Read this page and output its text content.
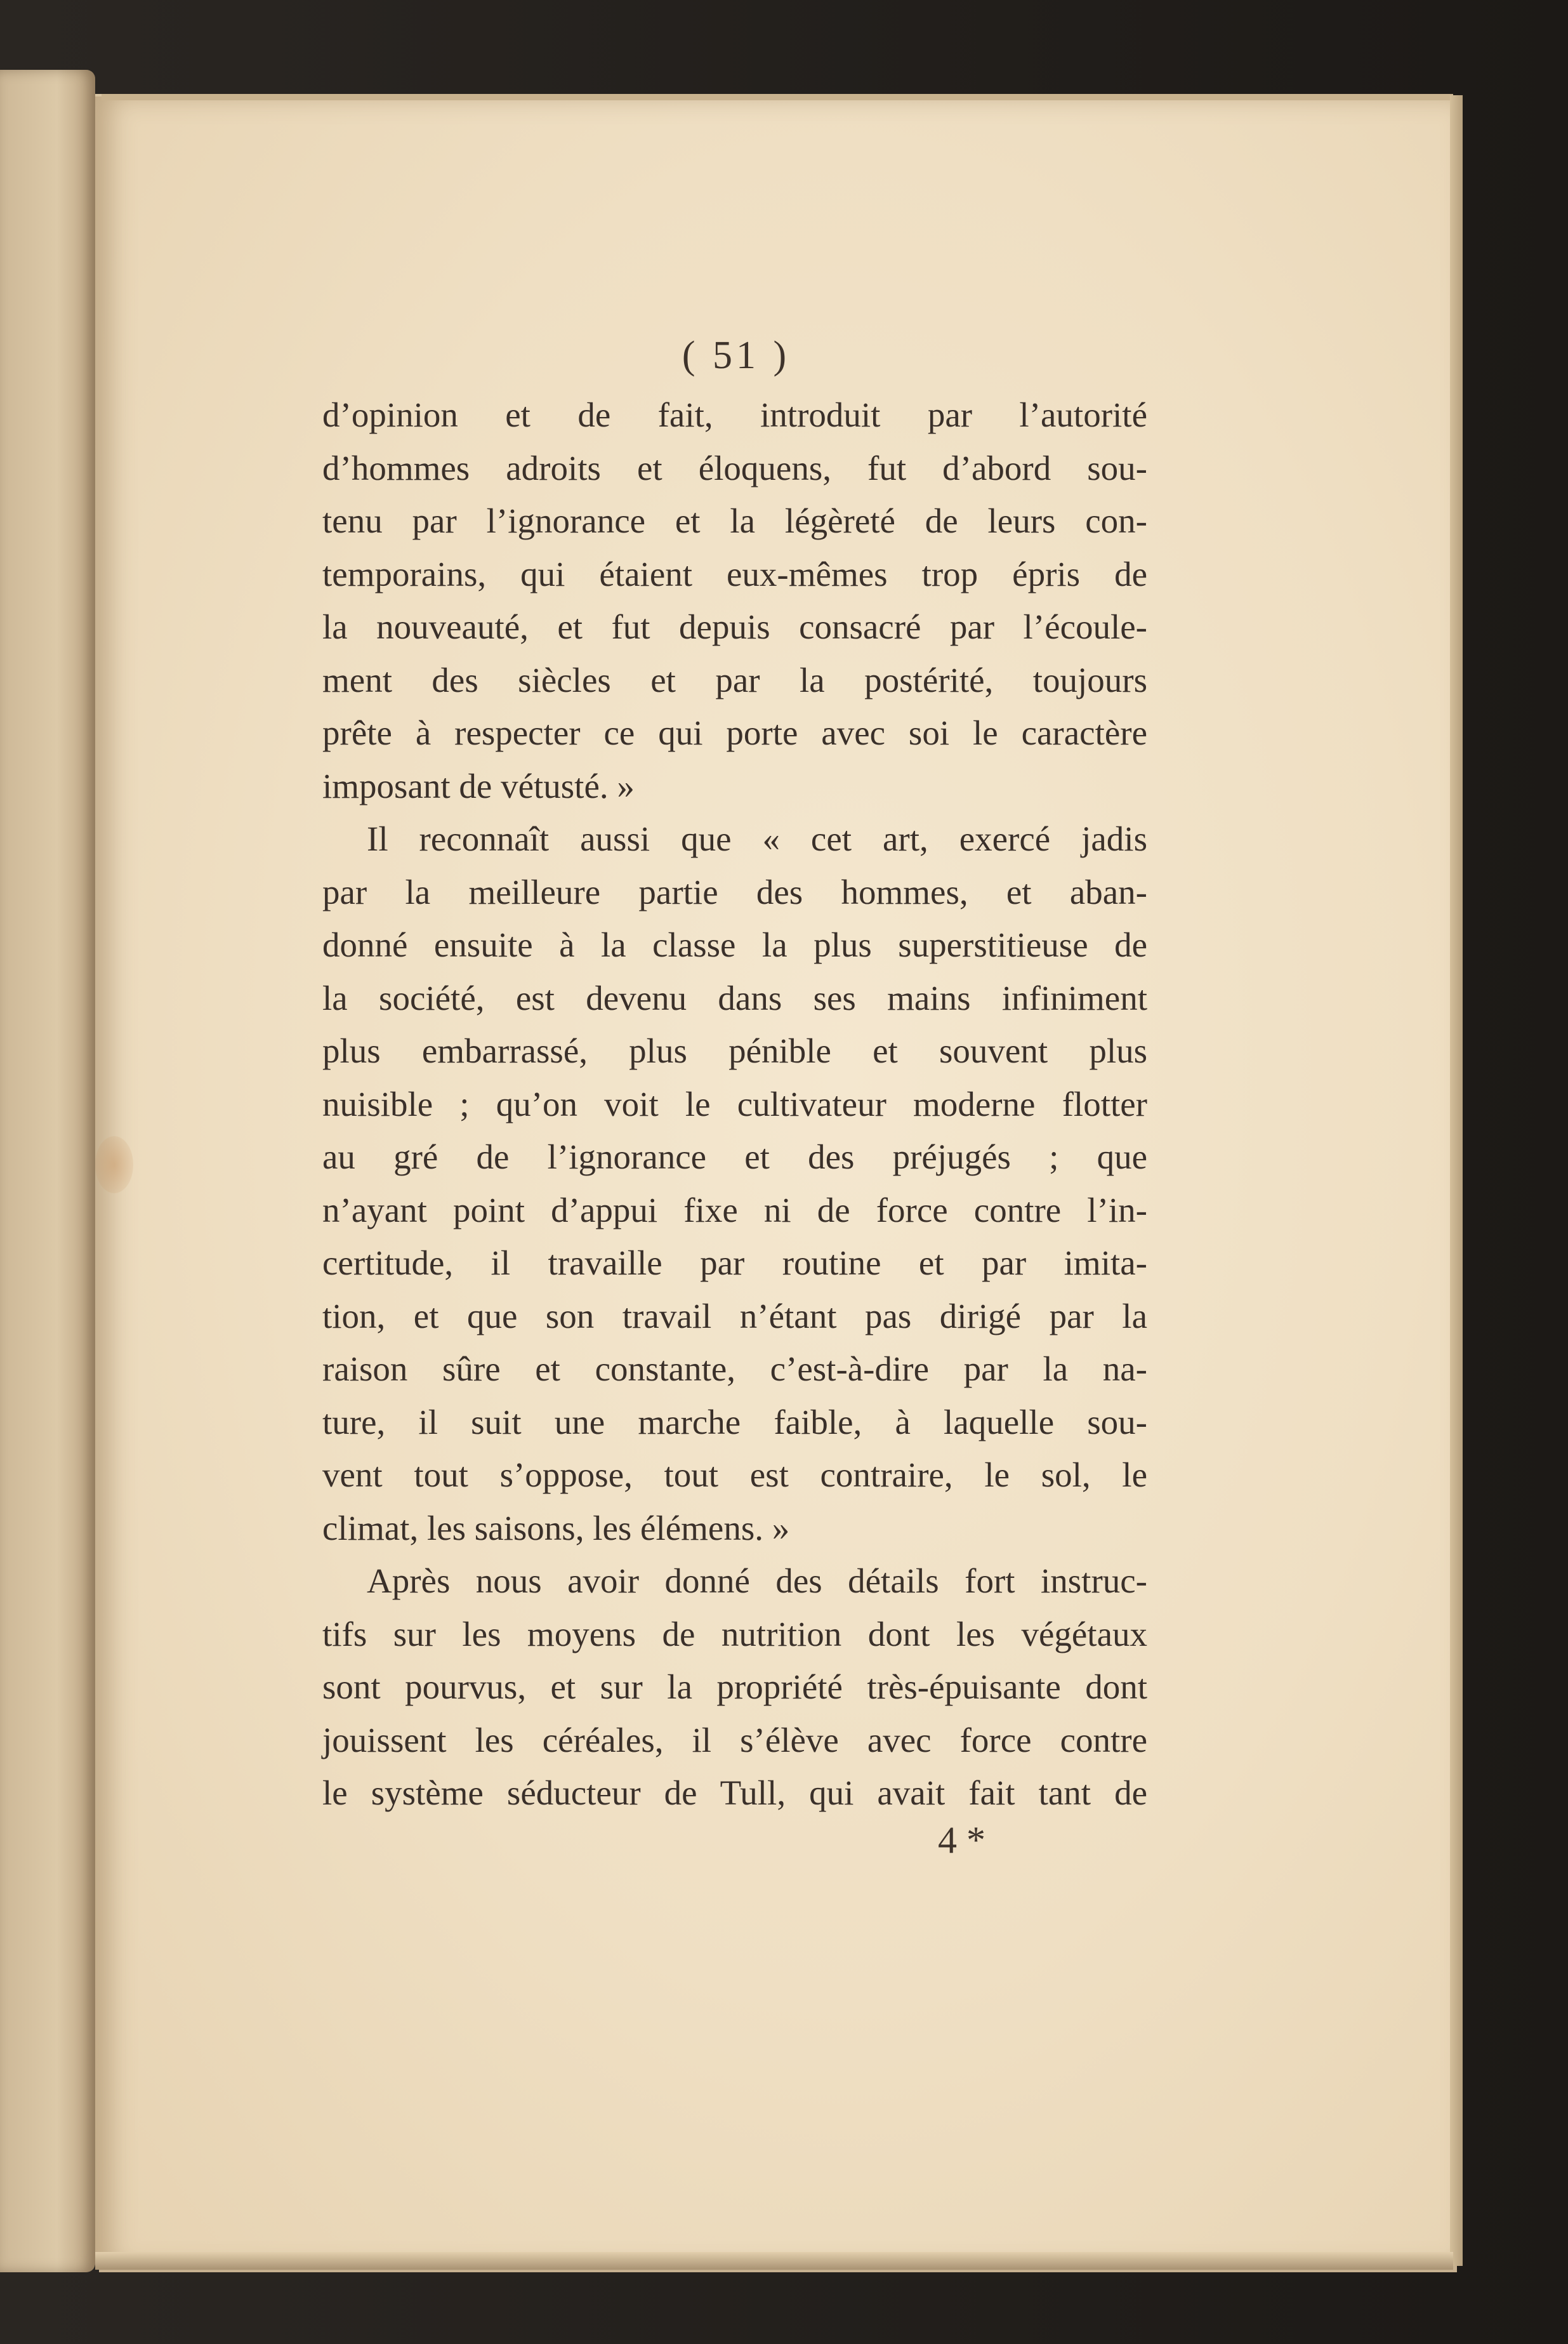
( 51 )
d’opinion et de fait, introduit par l’autorité
d’hommes adroits et éloquens, fut d’abord sou-
tenu par l’ignorance et la légèreté de leurs con-
temporains, qui étaient eux-mêmes trop épris de
la nouveauté, et fut depuis consacré par l’écoule-
ment des siècles et par la postérité, toujours
prête à respecter ce qui porte avec soi le caractère
imposant de vétusté. »
Il reconnaît aussi que « cet art, exercé jadis
par la meilleure partie des hommes, et aban-
donné ensuite à la classe la plus superstitieuse de
la société, est devenu dans ses mains infiniment
plus embarrassé, plus pénible et souvent plus
nuisible ; qu’on voit le cultivateur moderne flotter
au gré de l’ignorance et des préjugés ; que
n’ayant point d’appui fixe ni de force contre l’in-
certitude, il travaille par routine et par imita-
tion, et que son travail n’étant pas dirigé par la
raison sûre et constante, c’est-à-dire par la na-
ture, il suit une marche faible, à laquelle sou-
vent tout s’oppose, tout est contraire, le sol, le
climat, les saisons, les élémens. »
Après nous avoir donné des détails fort instruc-
tifs sur les moyens de nutrition dont les végétaux
sont pourvus, et sur la propriété très-épuisante dont
jouissent les céréales, il s’élève avec force contre
le système séducteur de Tull, qui avait fait tant de
4 *
